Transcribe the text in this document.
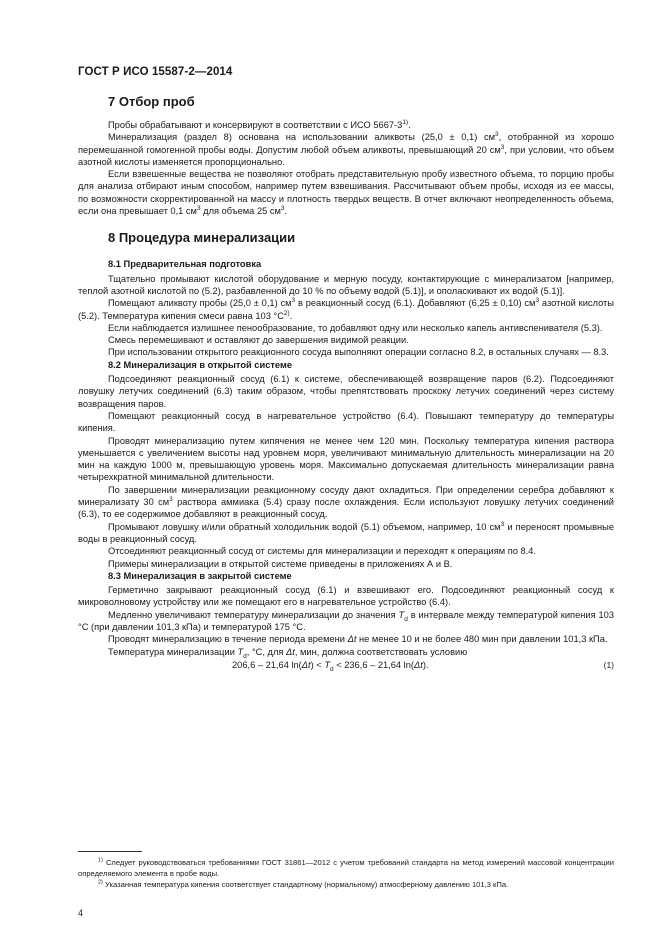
ГОСТ Р ИСО 15587-2—2014
7 Отбор проб

Пробы обрабатывают и консервируют в соответствии с ИСО 5667-3$^{1)}$.

Минерализация (раздел 8) основана на использовании аликвоты (25,0 ± 0,1) $см^3$, отобранной из хорошо перемешанной гомогенной пробы воды. Допустим любой объем аликвоты, превышающий 20 $см^3$, при условии, что объем азотной кислоты изменяется пропорционально.

Если взвешенные вещества не позволяют отобрать представительную пробу известного объема, то порцию пробы для анализа отбирают иным способом, например путем взвешивания. Рассчитывают объем пробы, исходя из ее массы, по возможности скорректированной на массу и плотность твердых веществ. В отчет включают неопределенность объема, если она превышает 0,1 $см^3$ для объема 25 $см^3$.

8 Процедура минерализации
8.1 Предварительная подготовка

Тщательно промывают кислотой оборудование и мерную посуду, контактирующие с минерализатом [например, теплой азотной кислотой по (5.2), разбавленной до 10 % по объему водой (5.1)], и ополаскивают их водой (5.1)].

Помещают аликвоту пробы (25,0 ± 0,1) $см^3$ в реакционный сосуд (6.1). Добавляют (6,25 ± 0,10) $см^3$ азотной кислоты (5.2). Температура кипения смеси равна 103 $^\circ С^{2)}$.

Если наблюдается излишнее пенообразование, то добавляют одну или несколько капель антивспенивателя (5.3).

Смесь перемешивают и оставляют до завершения видимой реакции.

При использовании открытого реакционного сосуда выполняют операции согласно 8.2, в остальных случаях — 8.3.

8.2 Минерализация в открытой системе

Подсоединяют реакционный сосуд (6.1) к системе, обеспечивающей возвращение паров (6.2). Подсоединяют ловушку летучих соединений (6.3) таким образом, чтобы препятствовать проскоку летучих соединений через систему возвращения паров.

Помещают реакционный сосуд в нагревательное устройство (6.4). Повышают температуру до температуры кипения.

Проводят минерализацию путем кипячения не менее чем 120 мин. Поскольку температура кипения раствора уменьшается с увеличением высоты над уровнем моря, увеличивают минимальную длительность минерализации на 20 мин на каждую 1000 м, превышающую уровень моря. Максимально допускаемая длительность минерализации равна четырехкратной минимальной длительности.

По завершении минерализации реакционному сосуду дают охладиться. При определении серебра добавляют к минерализату 30 $см^3$ раствора аммиака (5.4) сразу после охлаждения. Если используют ловушку летучих соединений (6.3), то ее содержимое добавляют в реакционный сосуд.

Промывают ловушку и/или обратный холодильник водой (5.1) объемом, например, 10 $см^3$ и переносят промывные воды в реакционный сосуд.

Отсоединяют реакционный сосуд от системы для минерализации и переходят к операциям по 8.4.

Примеры минерализации в открытой системе приведены в приложениях А и В.

8.3 Минерализация в закрытой системе

Герметично закрывают реакционный сосуд (6.1) и взвешивают его. Подсоединяют реакционный сосуд к микроволновому устройству или же помещают его в нагревательное устройство (6.4).

Медленно увеличивают температуру минерализации до значения $T_d$ в интервале между температурой кипения 103 °С (при давлении 101,3 кПа) и температурой 175 °С.

Проводят минерализацию в течение периода времени Δt не менее 10 и не более 480 мин при давлении 101,3 кПа.

Температура минерализации $T_d$, °С, для Δt, мин, должна соответствовать условию

206,6 – 21,64 $\ln(\Delta t) < T_d < 236,6 - 21,64$ ln(Δt).	(1)

$^{1)}$ Следует руководствоваться требованиями ГОСТ 31861—2012 с учетом требований стандарта на метод измерений массовой концентрации определяемого элемента в пробе воды.

$^{2)}$ Указанная температура кипения соответствует стандартному (нормальному) атмосферному давлению 101,3 кПа.

4
